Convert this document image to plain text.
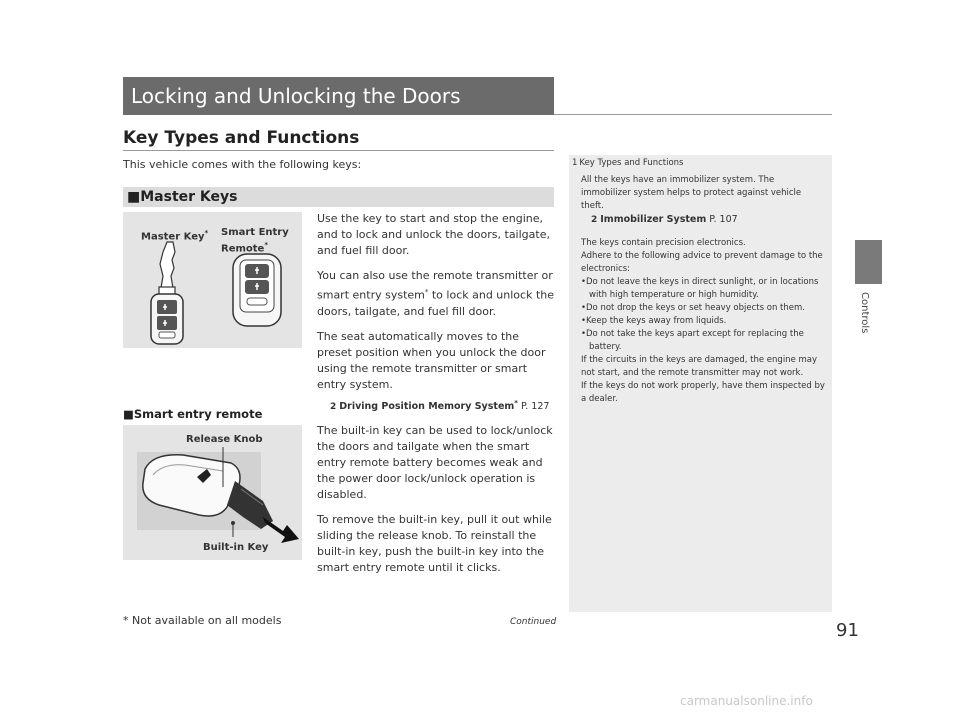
Locking and Unlocking the Doors
Key Types and Functions
This vehicle comes with the following keys:
■Master Keys
Master Key* Smart Entry
Remote*

Use the key to start and stop the engine, and to lock and unlock the doors, tailgate, and fuel fill door.

You can also use the remote transmitter or smart entry system* to lock and unlock the doors, tailgate, and fuel fill door.

The seat automatically moves to the preset position when you unlock the door using the remote transmitter or smart entry system.

2 Driving Position Memory System* P. 127
■Smart entry remote
Release Knob
Built-in Key

The built-in key can be used to lock/unlock the doors and tailgate when the smart entry remote battery becomes weak and the power door lock/unlock operation is disabled.

To remove the built-in key, pull it out while sliding the release knob. To reinstall the built-in key, push the built-in key into the smart entry remote until it clicks.

1 Key Types and Functions

All the keys have an immobilizer system. The immobilizer system helps to protect against vehicle theft.

2 Immobilizer System P. 107

The keys contain precision electronics.

Adhere to the following advice to prevent damage to the electronics:

•Do not leave the keys in direct sunlight, or in locations with high temperature or high humidity.

•Do not drop the keys or set heavy objects on them.

•Keep the keys away from liquids.

•Do not take the keys apart except for replacing the battery.

If the circuits in the keys are damaged, the engine may not start, and the remote transmitter may not work.

If the keys do not work properly, have them inspected by a dealer.

Controls
* Not available on all models	Continued	91
carmanualsonline.info
